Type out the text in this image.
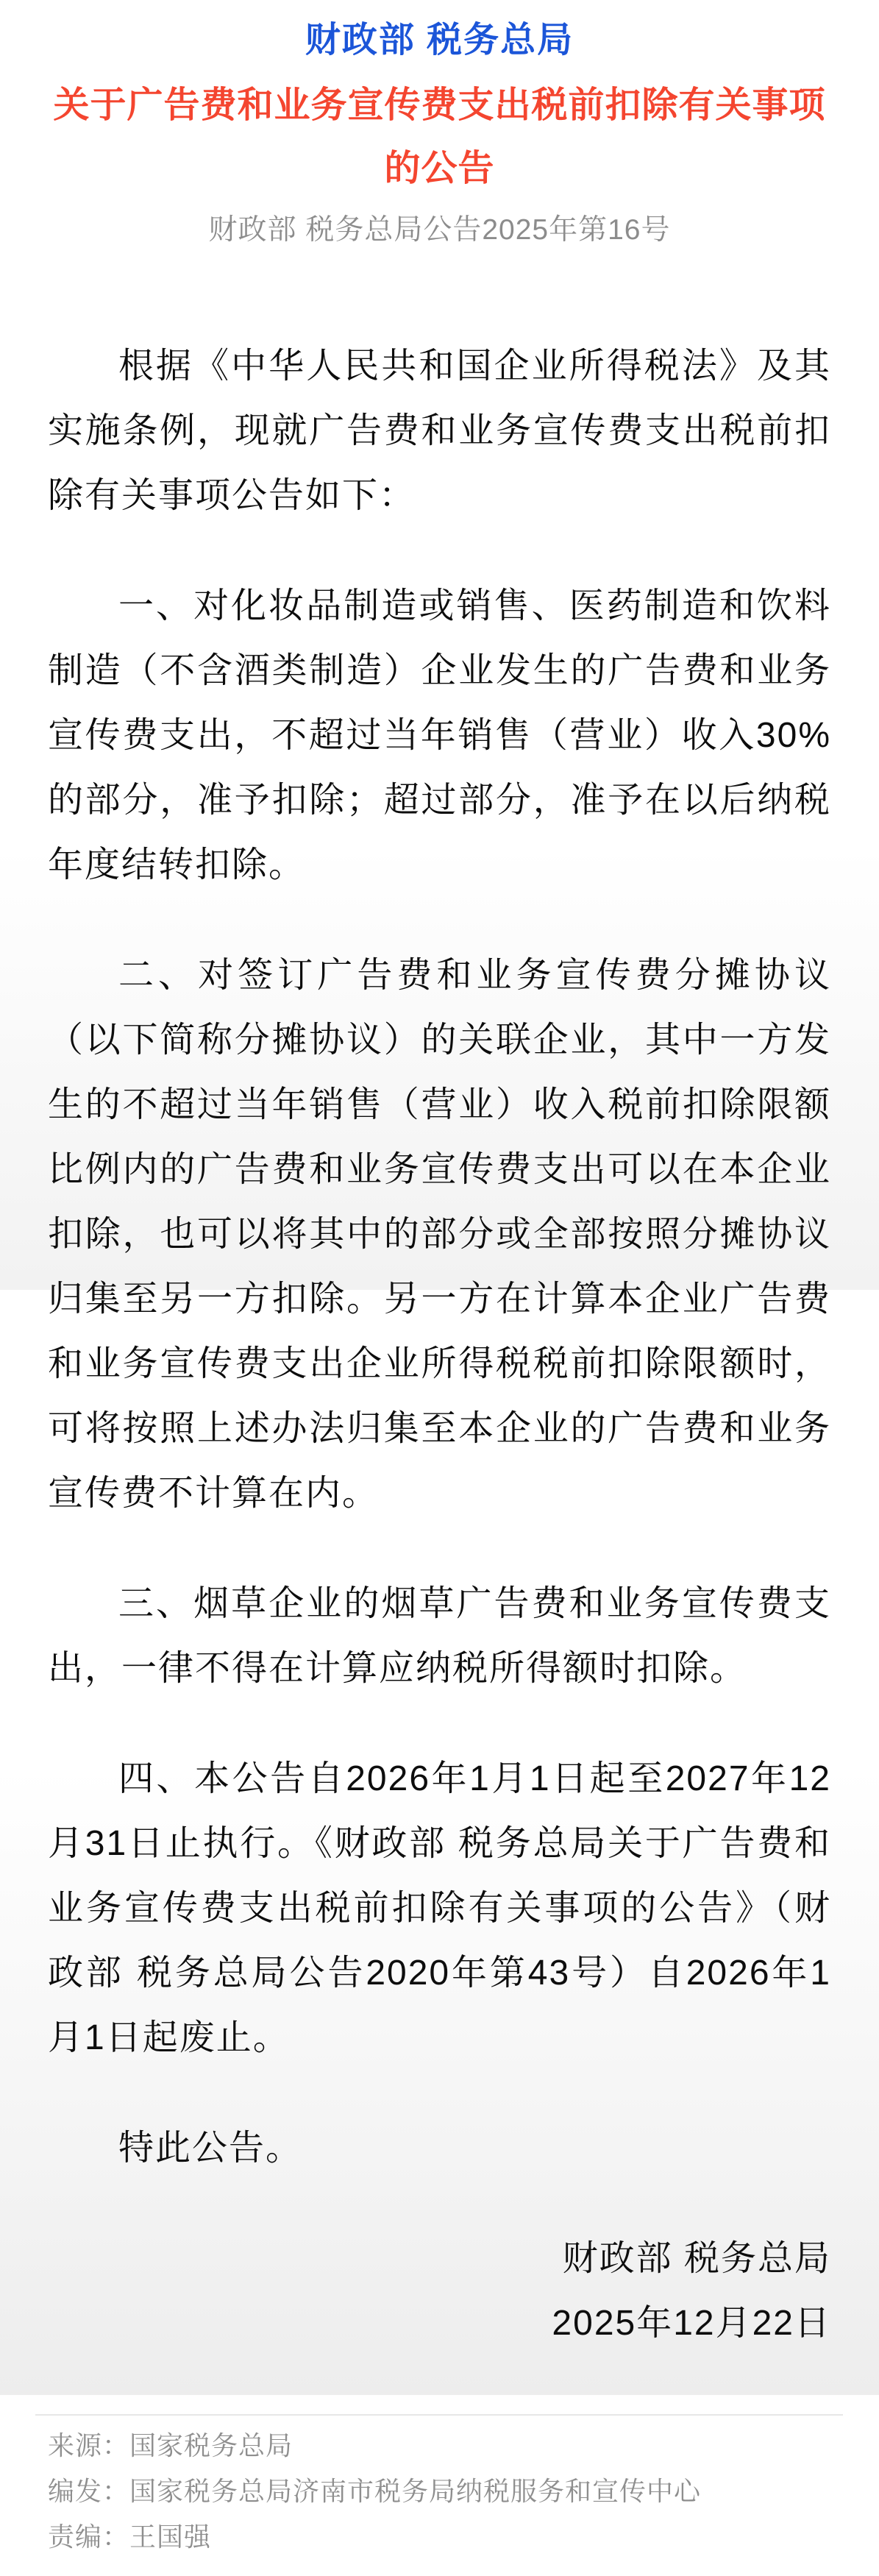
财政部 税务总局
关于广告费和业务宣传费支出税前扣除有关事项的公告
财政部 税务总局公告2025年第16号

根据《中华人民共和国企业所得税法》及其实施条例，现就广告费和业务宣传费支出税前扣除有关事项公告如下：

一、对化妆品制造或销售、医药制造和饮料制造（不含酒类制造）企业发生的广告费和业务宣传费支出，不超过当年销售（营业）收入30%的部分，准予扣除；超过部分，准予在以后纳税年度结转扣除。

二、对签订广告费和业务宣传费分摊协议（以下简称分摊协议）的关联企业，其中一方发生的不超过当年销售（营业）收入税前扣除限额比例内的广告费和业务宣传费支出可以在本企业扣除，也可以将其中的部分或全部按照分摊协议归集至另一方扣除。另一方在计算本企业广告费和业务宣传费支出企业所得税税前扣除限额时，可将按照上述办法归集至本企业的广告费和业务宣传费不计算在内。

三、烟草企业的烟草广告费和业务宣传费支出，一律不得在计算应纳税所得额时扣除。

四、本公告自2026年1月1日起至2027年12月31日止执行。《财政部 税务总局关于广告费和业务宣传费支出税前扣除有关事项的公告》（财政部 税务总局公告2020年第43号）自2026年1月1日起废止。

特此公告。

财政部 税务总局
2025年12月22日
来源：国家税务总局
编发：国家税务总局济南市税务局纳税服务和宣传中心
责编：王国强
